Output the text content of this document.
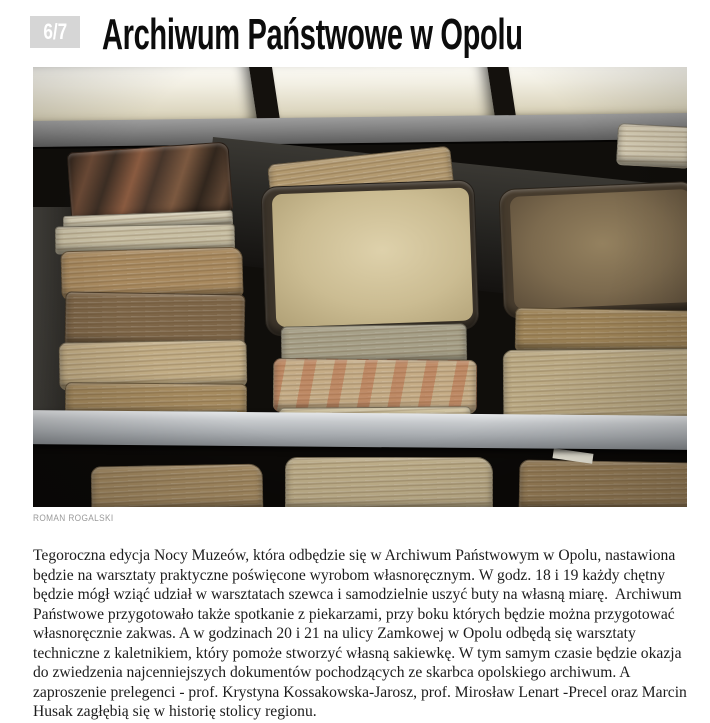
6/7 Archiwum Państwowe w Opolu
ROMAN ROGALSKI

Tegoroczna edycja Nocy Muzeów, która odbędzie się w Archiwum Państwowym w Opolu, nastawiona będzie na warsztaty praktyczne poświęcone wyrobom własnoręcznym. W godz. 18 i 19 każdy chętny będzie mógł wziąć udział w warsztatach szewca i samodzielnie uszyć buty na własną miarę.  Archiwum Państwowe przygotowało także spotkanie z piekarzami, przy boku których będzie można przygotować własnoręcznie zakwas. A w godzinach 20 i 21 na ulicy Zamkowej w Opolu odbędą się warsztaty techniczne z kaletnikiem, który pomoże stworzyć własną sakiewkę. W tym samym czasie będzie okazja do zwiedzenia najcenniejszych dokumentów pochodzących ze skarbca opolskiego archiwum. A zaproszenie prelegenci - prof. Krystyna Kossakowska-Jarosz, prof. Mirosław Lenart -Precel oraz Marcin Husak zagłębią się w historię stolicy regionu.
